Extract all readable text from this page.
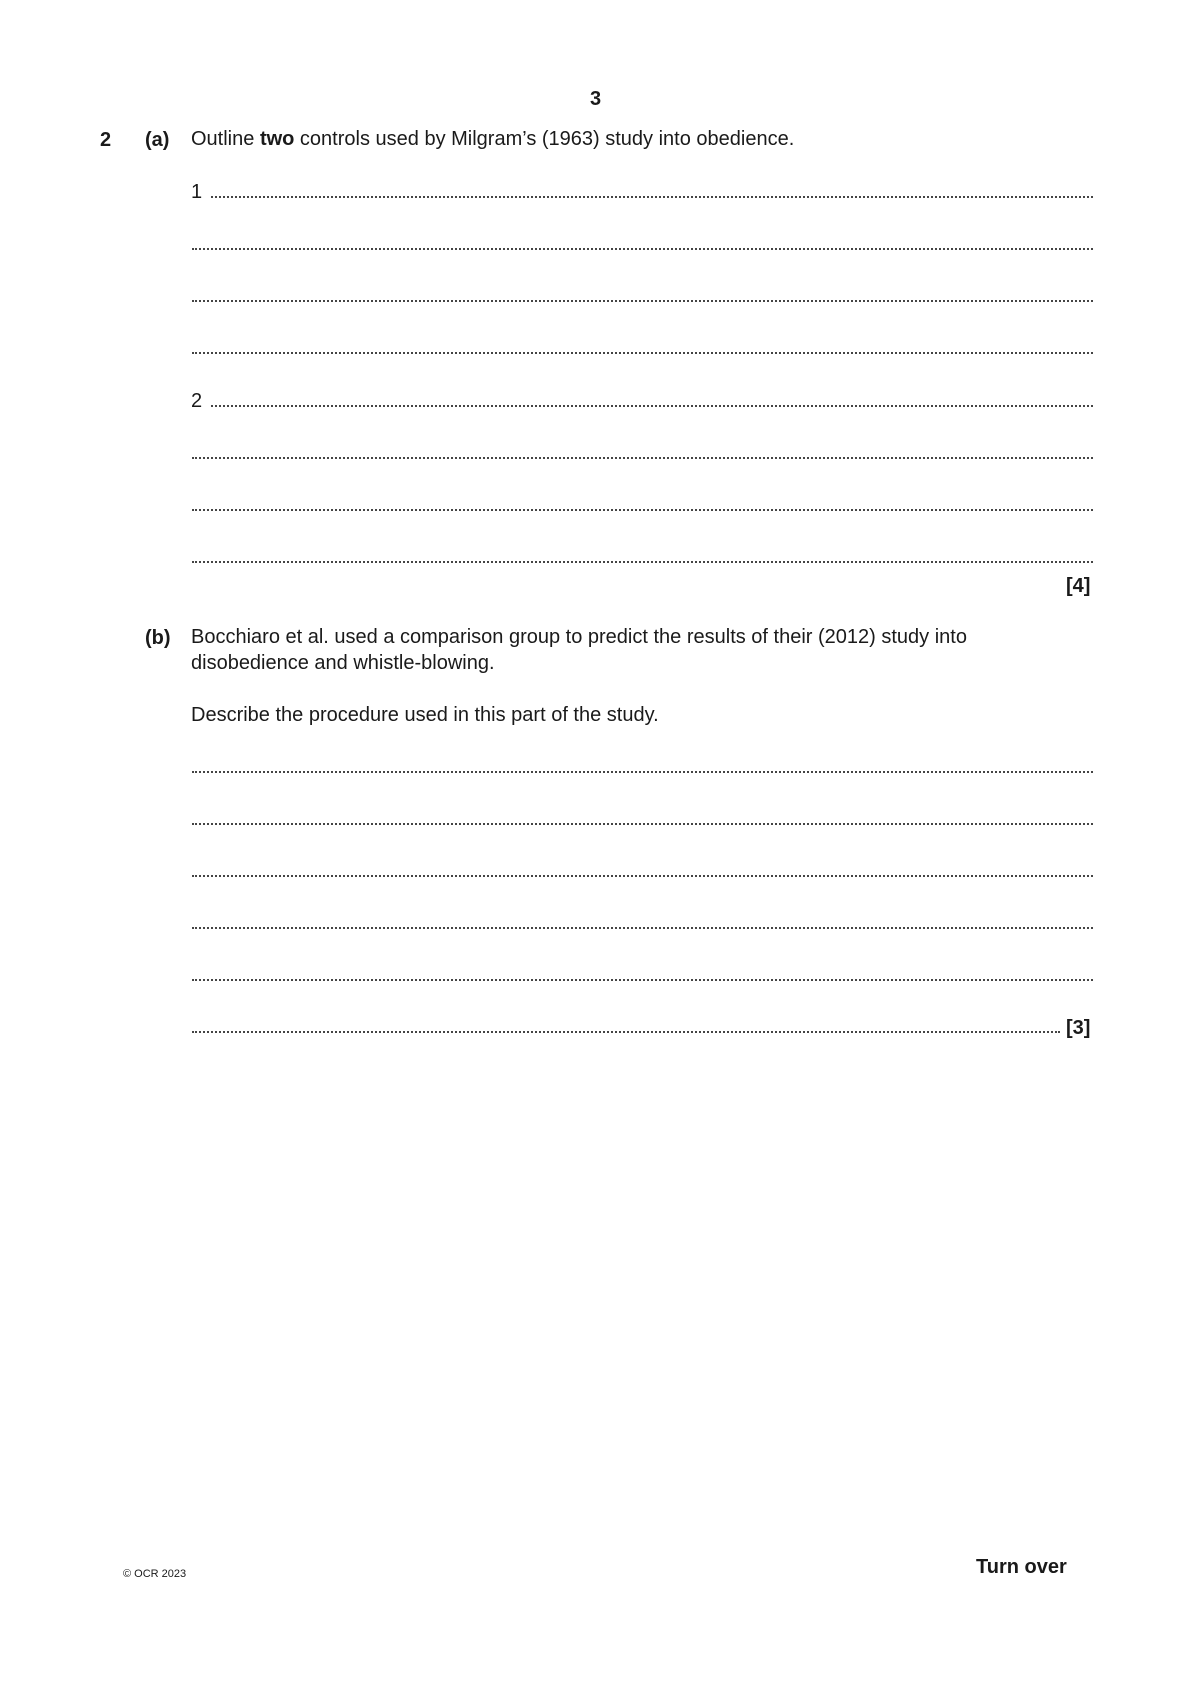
3
2 (a) Outline two controls used by Milgram’s (1963) study into obedience.
1
2
[4]
(b) Bocchiaro et al. used a comparison group to predict the results of their (2012) study into
disobedience and whistle-blowing.
Describe the procedure used in this part of the study.
[3]
© OCR 2023	Turn over
